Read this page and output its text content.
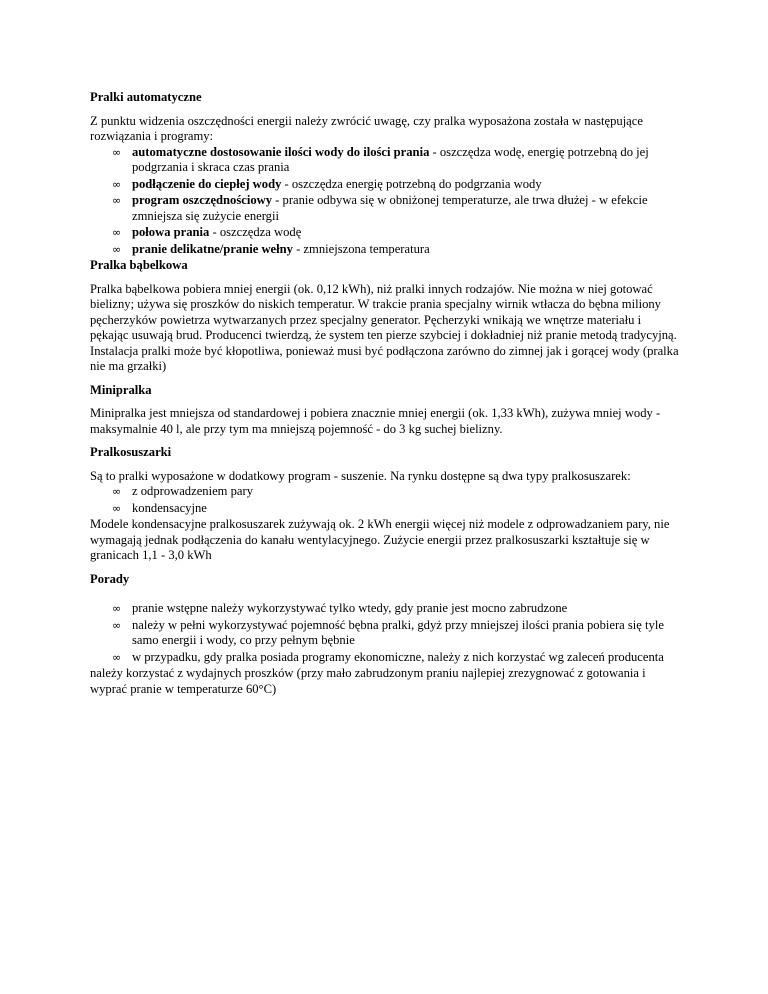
Pralki automatyczne

Z punktu widzenia oszczędności energii należy zwrócić uwagę, czy pralka wyposażona została w następujące rozwiązania i programy:

∞ automatyczne dostosowanie ilości wody do ilości prania - oszczędza wodę, energię potrzebną do jej podgrzania i skraca czas prania
∞ podłączenie do ciepłej wody - oszczędza energię potrzebną do podgrzania wody
∞ program oszczędnościowy - pranie odbywa się w obniżonej temperaturze, ale trwa dłużej - w efekcie zmniejsza się zużycie energii
∞ połowa prania - oszczędza wodę
∞ pranie delikatne/pranie wełny - zmniejszona temperatura
Pralka bąbelkowa

Pralka bąbelkowa pobiera mniej energii (ok. 0,12 kWh), niż pralki innych rodzajów. Nie można w niej gotować bielizny; używa się proszków do niskich temperatur. W trakcie prania specjalny wirnik wtłacza do bębna miliony pęcherzyków powietrza wytwarzanych przez specjalny generator. Pęcherzyki wnikają we wnętrze materiału i pękając usuwają brud. Producenci twierdzą, że system ten pierze szybciej i dokładniej niż pranie metodą tradycyjną. Instalacja pralki może być kłopotliwa, ponieważ musi być podłączona zarówno do zimnej jak i gorącej wody (pralka nie ma grzałki)

Minipralka

Minipralka jest mniejsza od standardowej i pobiera znacznie mniej energii (ok. 1,33 kWh), zużywa mniej wody - maksymalnie 40 l, ale przy tym ma mniejszą pojemność - do 3 kg suchej bielizny.

Pralkosuszarki

Są to pralki wyposażone w dodatkowy program - suszenie. Na rynku dostępne są dwa typy pralkosuszarek:

∞ z odprowadzeniem pary
∞ kondensacyjne

Modele kondensacyjne pralkosuszarek zużywają ok. 2 kWh energii więcej niż modele z odprowadzaniem pary, nie wymagają jednak podłączenia do kanału wentylacyjnego. Zużycie energii przez pralkosuszarki kształtuje się w granicach 1,1 - 3,0 kWh

Porady
∞ pranie wstępne należy wykorzystywać tylko wtedy, gdy pranie jest mocno zabrudzone
∞ należy w pełni wykorzystywać pojemność bębna pralki, gdyż przy mniejszej ilości prania pobiera się tyle samo energii i wody, co przy pełnym bębnie
∞ w przypadku, gdy pralka posiada programy ekonomiczne, należy z nich korzystać wg zaleceń producenta

należy korzystać z wydajnych proszków (przy mało zabrudzonym praniu najlepiej zrezygnować z gotowania i wyprać pranie w temperaturze 60°C)
